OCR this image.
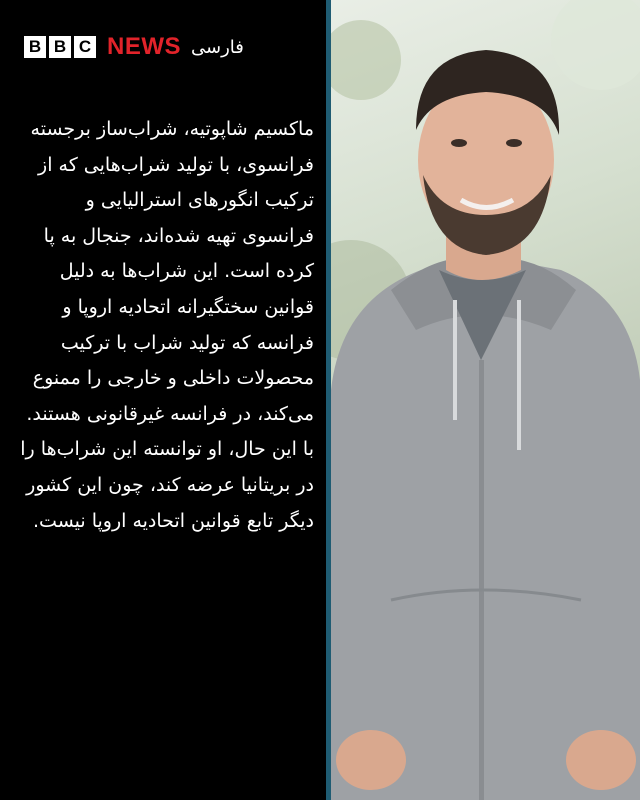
B B C NEWS فارسی

ماکسیم شاپوتیه، شراب‌ساز برجسته فرانسوی، با تولید شراب‌هایی که از ترکیب انگورهای استرالیایی و فرانسوی تهیه شده‌اند، جنجال به پا کرده است. این شراب‌ها به دلیل قوانین سختگیرانه اتحادیه اروپا و فرانسه که تولید شراب با ترکیب محصولات داخلی و خارجی را ممنوع می‌کند، در فرانسه غیرقانونی هستند. با این حال، او توانسته این شراب‌ها را در بریتانیا عرضه کند، چون این کشور دیگر تابع قوانین اتحادیه اروپا نیست.
